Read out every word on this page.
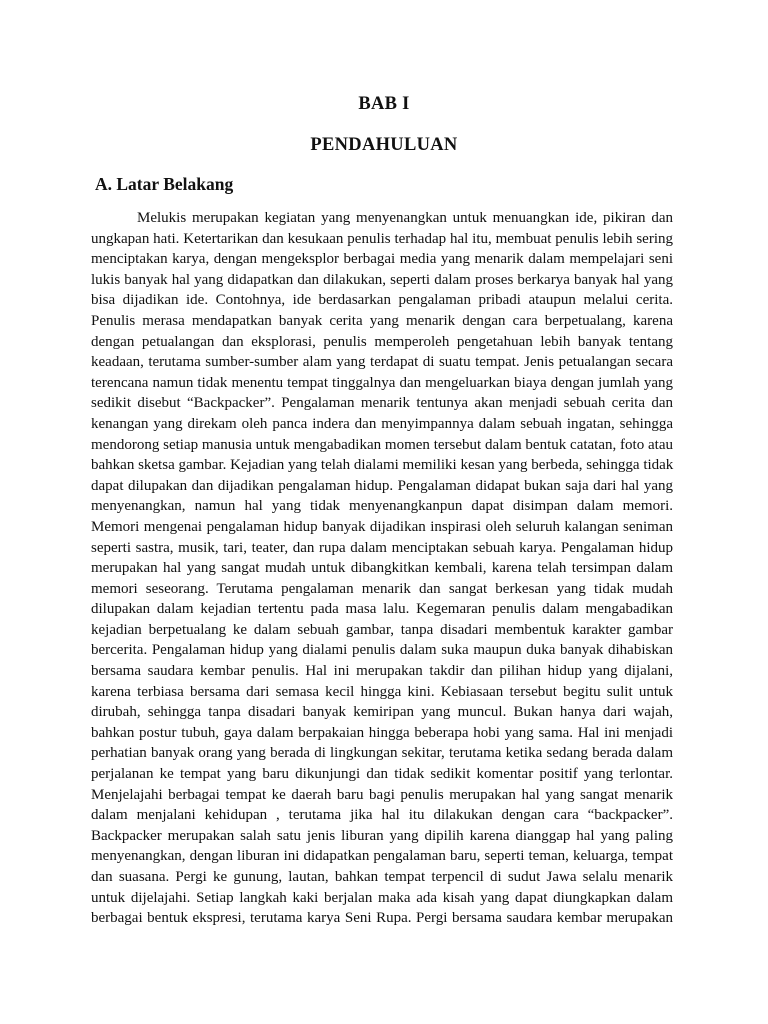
BAB I
PENDAHULUAN
A. Latar Belakang
Melukis merupakan kegiatan yang menyenangkan untuk menuangkan ide, pikiran dan
ungkapan hati. Ketertarikan dan kesukaan penulis terhadap hal itu, membuat penulis lebih sering
menciptakan karya, dengan mengeksplor berbagai media yang menarik dalam mempelajari seni
lukis banyak hal yang didapatkan dan dilakukan, seperti dalam proses berkarya banyak hal yang
bisa dijadikan ide. Contohnya, ide berdasarkan pengalaman pribadi ataupun melalui cerita.
Penulis merasa mendapatkan banyak cerita yang menarik dengan cara berpetualang, karena
dengan petualangan dan eksplorasi, penulis memperoleh pengetahuan lebih banyak tentang
keadaan, terutama sumber-sumber alam yang terdapat di suatu tempat. Jenis petualangan secara
terencana namun tidak menentu tempat tinggalnya dan mengeluarkan biaya dengan jumlah yang
sedikit disebut “Backpacker”. Pengalaman menarik tentunya akan menjadi sebuah cerita dan
kenangan yang direkam oleh panca indera dan menyimpannya dalam sebuah ingatan, sehingga
mendorong setiap manusia untuk mengabadikan momen tersebut dalam bentuk catatan, foto atau
bahkan sketsa gambar. Kejadian yang telah dialami memiliki kesan yang berbeda, sehingga tidak
dapat dilupakan dan dijadikan pengalaman hidup. Pengalaman didapat bukan saja dari hal yang
menyenangkan, namun hal yang tidak menyenangkanpun dapat disimpan dalam memori.
Memori mengenai pengalaman hidup banyak dijadikan inspirasi oleh seluruh kalangan seniman
seperti sastra, musik, tari, teater, dan rupa dalam menciptakan sebuah karya. Pengalaman hidup
merupakan hal yang sangat mudah untuk dibangkitkan kembali, karena telah tersimpan dalam
memori seseorang. Terutama pengalaman menarik dan sangat berkesan yang tidak mudah
dilupakan dalam kejadian tertentu pada masa lalu. Kegemaran penulis dalam mengabadikan
kejadian berpetualang ke dalam sebuah gambar, tanpa disadari membentuk karakter gambar
bercerita. Pengalaman hidup yang dialami penulis dalam suka maupun duka banyak dihabiskan
bersama saudara kembar penulis. Hal ini merupakan takdir dan pilihan hidup yang dijalani,
karena terbiasa bersama dari semasa kecil hingga kini. Kebiasaan tersebut begitu sulit untuk
dirubah, sehingga tanpa disadari banyak kemiripan yang muncul. Bukan hanya dari wajah,
bahkan postur tubuh, gaya dalam berpakaian hingga beberapa hobi yang sama. Hal ini menjadi
perhatian banyak orang yang berada di lingkungan sekitar, terutama ketika sedang berada dalam
perjalanan ke tempat yang baru dikunjungi dan tidak sedikit komentar positif yang terlontar.
Menjelajahi berbagai tempat ke daerah baru bagi penulis merupakan hal yang sangat menarik
dalam menjalani kehidupan , terutama jika hal itu dilakukan dengan cara “backpacker”.
Backpacker merupakan salah satu jenis liburan yang dipilih karena dianggap hal yang paling
menyenangkan, dengan liburan ini didapatkan pengalaman baru, seperti teman, keluarga, tempat
dan suasana. Pergi ke gunung, lautan, bahkan tempat terpencil di sudut Jawa selalu menarik
untuk dijelajahi. Setiap langkah kaki berjalan maka ada kisah yang dapat diungkapkan dalam
berbagai bentuk ekspresi, terutama karya Seni Rupa. Pergi bersama saudara kembar merupakan
